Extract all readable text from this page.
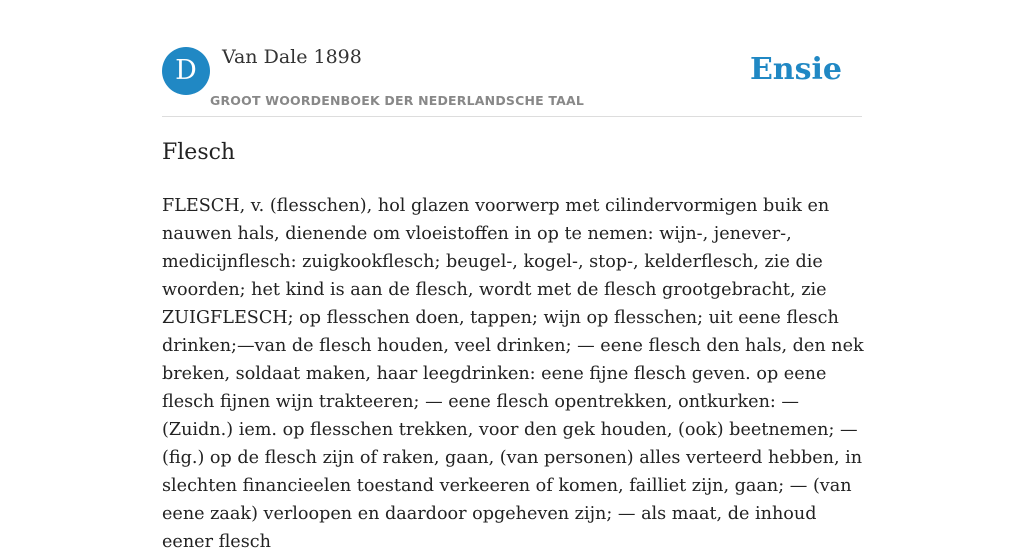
D	Van Dale 1898
GROOT WOORDENBOEK DER NEDERLANDSCHE TAAL
Ensie
Flesch

FLESCH, v. (flesschen), hol glazen voorwerp met cilindervormigen buik en nauwen hals, dienende om vloeistoffen in op te nemen: wijn-, jenever-, medicijnflesch: zuigkookflesch; beugel-, kogel-, stop-, kelderflesch, zie die woorden; het kind is aan de flesch, wordt met de flesch grootgebracht, zie ZUIGFLESCH; op flesschen doen, tappen; wijn op flesschen; uit eene flesch drinken;—van de flesch houden, veel drinken; — eene flesch den hals, den nek breken, soldaat maken, haar leegdrinken: eene fijne flesch geven. op eene flesch fijnen wijn trakteeren; — eene flesch opentrekken, ontkurken: — (Zuidn.) iem. op flesschen trekken, voor den gek houden, (ook) beetnemen; — (fig.) op de flesch zijn of raken, gaan, (van personen) alles verteerd hebben, in slechten financieelen toestand verkeeren of komen, failliet zijn, gaan; — (van eene zaak) verloopen en daardoor opgeheven zijn; — als maat, de inhoud eener flesch
